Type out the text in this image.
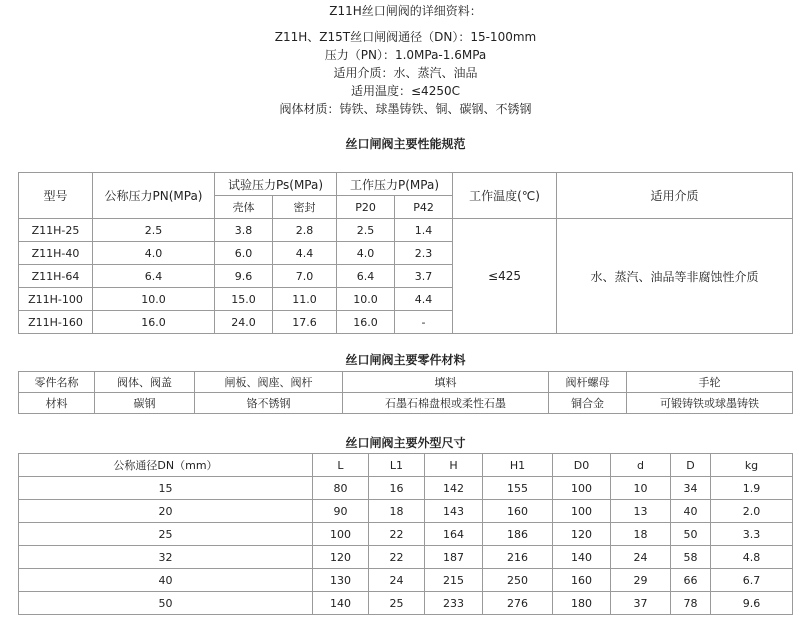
Z11H丝口闸阀的详细资料：
Z11H、Z15T丝口闸阀通径（DN）：15-100mm
压力（PN）：1.0MPa-1.6MPa
适用介质：水、蒸汽、油品
适用温度：≤4250C
阀体材质：铸铁、球墨铸铁、铜、碳钢、不锈钢
丝口闸阀主要性能规范
型号	公称压力PN(MPa)	试验压力Ps(MPa)		工作压力P(MPa)		工作温度(℃)	适用介质
		壳体	密封	P20	P42		
Z11H-25	2.5	3.8	2.8	2.5	1.4	≤425	水、蒸汽、油品等非腐蚀性介质
Z11H-40	4.0	6.0	4.4	4.0	2.3		
Z11H-64	6.4	9.6	7.0	6.4	3.7		
Z11H-100	10.0	15.0	11.0	10.0	4.4		
Z11H-160	16.0	24.0	17.6	16.0	-		
丝口闸阀主要零件材料
零件名称	阀体、阀盖	闸板、阀座、阀杆	填料	阀杆螺母	手轮
材料	碳钢	铬不锈钢	石墨石棉盘根或柔性石墨	铜合金	可锻铸铁或球墨铸铁
丝口闸阀主要外型尺寸
公称通径DN（mm）	L	L1	H	H1	D0	d	D	kg
15	80	16	142	155	100	10	34	1.9
20	90	18	143	160	100	13	40	2.0
25	100	22	164	186	120	18	50	3.3
32	120	22	187	216	140	24	58	4.8
40	130	24	215	250	160	29	66	6.7
50	140	25	233	276	180	37	78	9.6
